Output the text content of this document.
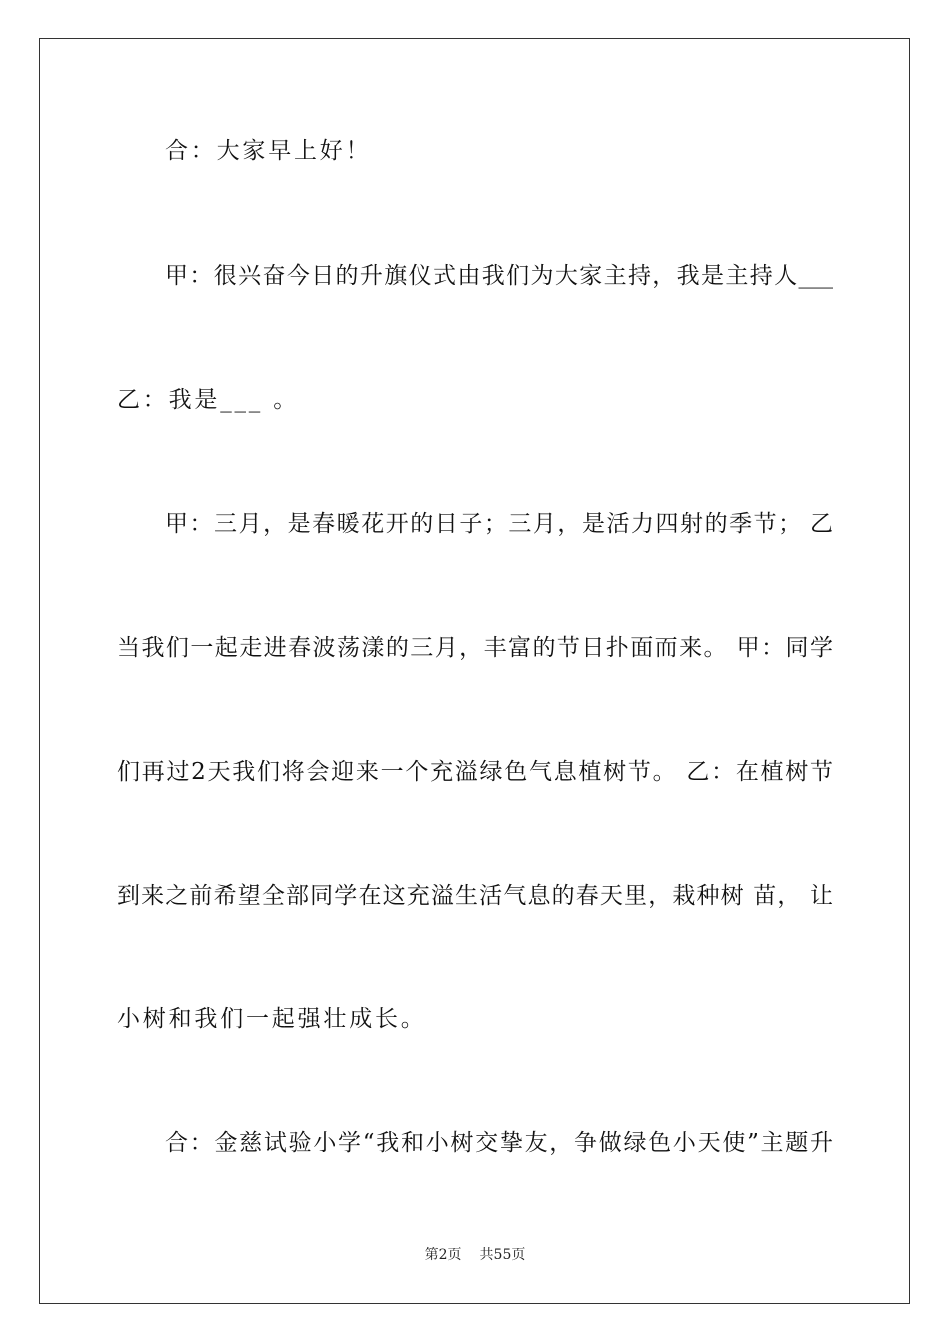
合：大家早上好！
甲：很兴奋今日的升旗仪式由我们为大家主持，我是主持人___
乙：我是___ 。
甲：三月，是春暖花开的日子；三月，是活力四射的季节； 乙
当我们一起走进春波荡漾的三月，丰富的节日扑面而来。 甲：同学
们再过2天我们将会迎来一个充溢绿色气息植树节。 乙：在植树节
到来之前希望全部同学在这充溢生活气息的春天里，栽种树 苗， 让
小树和我们一起强壮成长。
合：金慈试验小学“我和小树交挚友，争做绿色小天使”主题升
第2页 共55页
